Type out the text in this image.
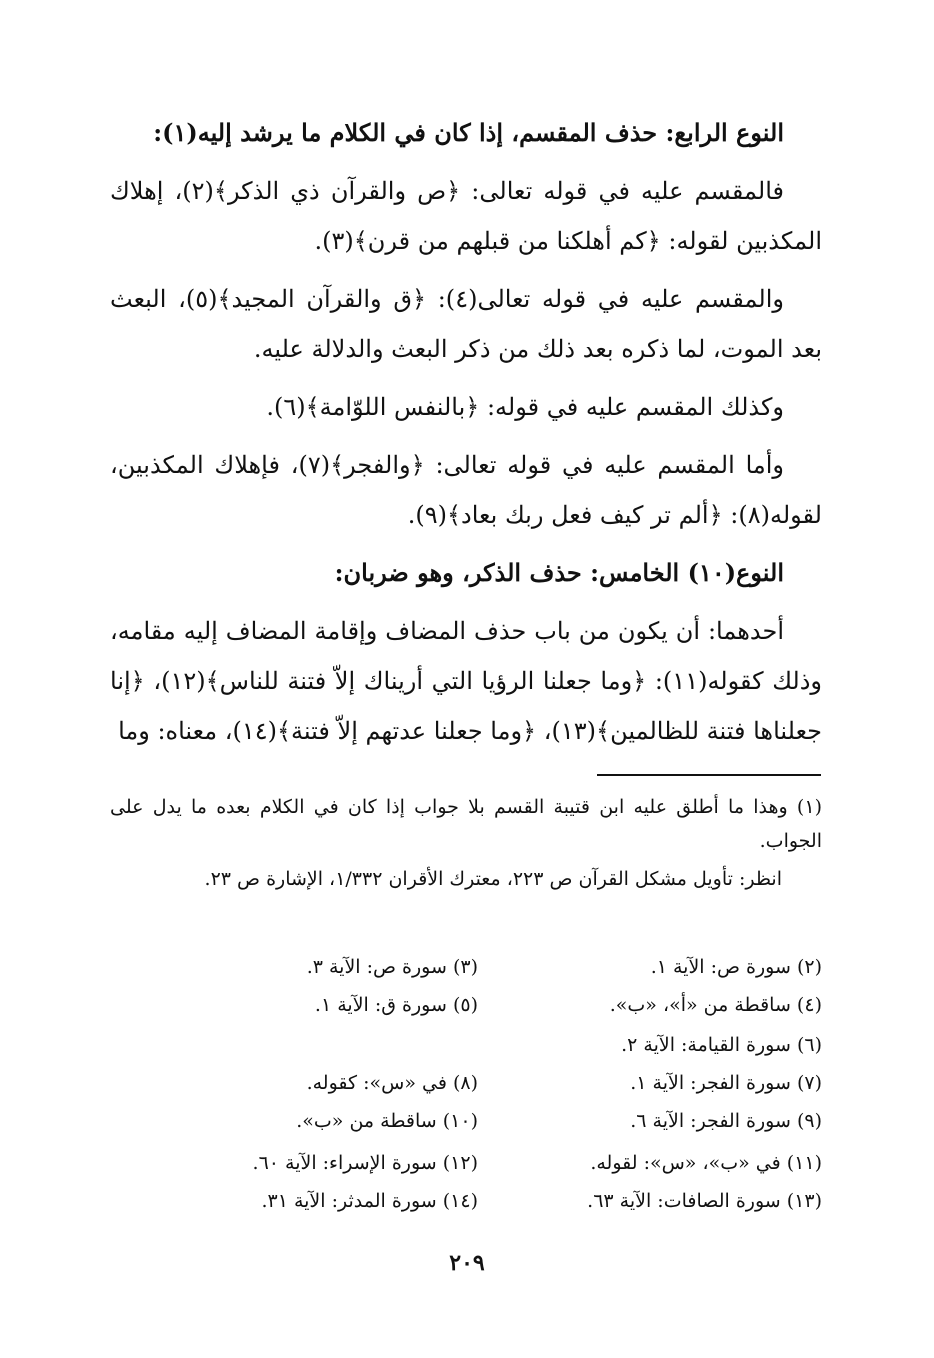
النوع الرابع: حذف المقسم، إذا كان في الكلام ما يرشد إليه(١):

فالمقسم عليه في قوله تعالى: ﴿ص والقرآن ذي الذكر﴾(٢)، إهلاك المكذبين لقوله: ﴿كم أهلكنا من قبلهم من قرن﴾(٣).

والمقسم عليه في قوله تعالى(٤): ﴿ق والقرآن المجيد﴾(٥)، البعث بعد الموت، لما ذكره بعد ذلك من ذكر البعث والدلالة عليه.

وكذلك المقسم عليه في قوله: ﴿بالنفس اللوّامة﴾(٦).

وأما المقسم عليه في قوله تعالى: ﴿والفجر﴾(٧)، فإهلاك المكذبين، لقوله(٨): ﴿ألم تر كيف فعل ربك بعاد﴾(٩).

النوع(١٠) الخامس: حذف الذكر، وهو ضربان:

أحدهما: أن يكون من باب حذف المضاف وإقامة المضاف إليه مقامه، وذلك كقوله(١١): ﴿وما جعلنا الرؤيا التي أريناك إلاّ فتنة للناس﴾(١٢)، ﴿إنا جعلناها فتنة للظالمين﴾(١٣)، ﴿وما جعلنا عدتهم إلاّ فتنة﴾(١٤)، معناه: وما

(١) وهذا ما أطلق عليه ابن قتيبة القسم بلا جواب إذا كان في الكلام بعده ما يدل على الجواب.
انظر: تأويل مشكل القرآن ص ٢٢٣، معترك الأقران ١/٣٣٢، الإشارة ص ٢٣.
(٢) سورة ص: الآية ١.
(٣) سورة ص: الآية ٣.
(٤) ساقطة من «أ»، «ب».
(٥) سورة ق: الآية ١.
(٦) سورة القيامة: الآية ٢.
(٧) سورة الفجر: الآية ١.
(٨) في «س»: كقوله.
(٩) سورة الفجر: الآية ٦.
(١٠) ساقطة من «ب».
(١١) في «ب»، «س»: لقوله.
(١٢) سورة الإسراء: الآية ٦٠.
(١٣) سورة الصافات: الآية ٦٣.
(١٤) سورة المدثر: الآية ٣١.
٢٠٩
